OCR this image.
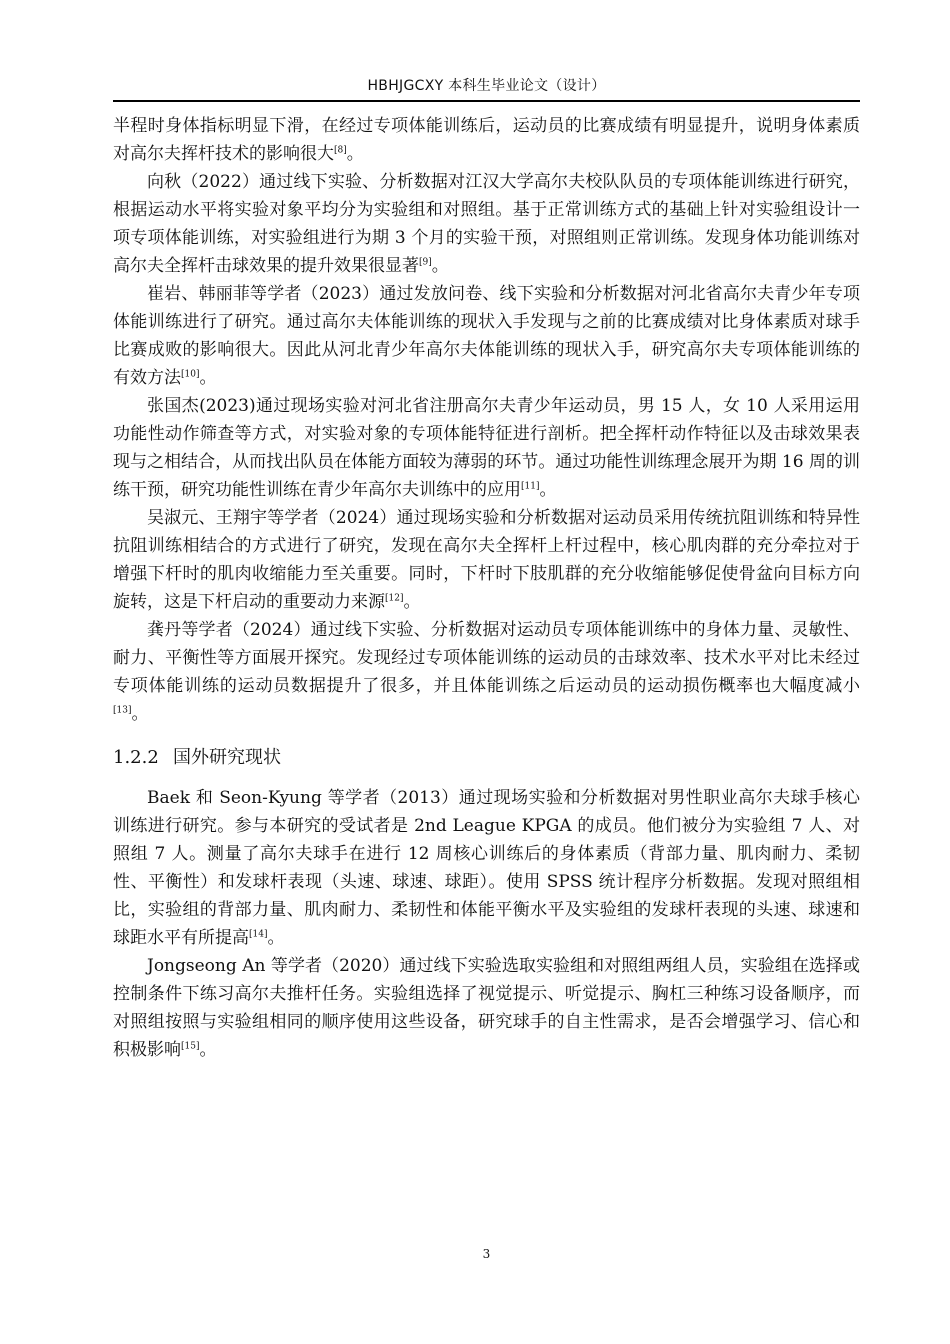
HBHJGCXY 本科生毕业论文（设计）

半程时身体指标明显下滑，在经过专项体能训练后，运动员的比赛成绩有明显提升，说明身体素质对高尔夫挥杆技术的影响很大[8]。

向秋（2022）通过线下实验、分析数据对江汉大学高尔夫校队队员的专项体能训练进行研究，根据运动水平将实验对象平均分为实验组和对照组。基于正常训练方式的基础上针对实验组设计一项专项体能训练，对实验组进行为期 3 个月的实验干预，对照组则正常训练。发现身体功能训练对高尔夫全挥杆击球效果的提升效果很显著[9]。

崔岩、韩丽菲等学者（2023）通过发放问卷、线下实验和分析数据对河北省高尔夫青少年专项体能训练进行了研究。通过高尔夫体能训练的现状入手发现与之前的比赛成绩对比身体素质对球手比赛成败的影响很大。因此从河北青少年高尔夫体能训练的现状入手，研究高尔夫专项体能训练的有效方法[10]。

张国杰(2023)通过现场实验对河北省注册高尔夫青少年运动员，男 15 人，女 10 人采用运用功能性动作筛查等方式，对实验对象的专项体能特征进行剖析。把全挥杆动作特征以及击球效果表现与之相结合，从而找出队员在体能方面较为薄弱的环节。通过功能性训练理念展开为期 16 周的训练干预，研究功能性训练在青少年高尔夫训练中的应用[11]。

吴淑元、王翔宇等学者（2024）通过现场实验和分析数据对运动员采用传统抗阻训练和特异性抗阻训练相结合的方式进行了研究，发现在高尔夫全挥杆上杆过程中，核心肌肉群的充分牵拉对于增强下杆时的肌肉收缩能力至关重要。同时，下杆时下肢肌群的充分收缩能够促使骨盆向目标方向旋转，这是下杆启动的重要动力来源[12]。

龚丹等学者（2024）通过线下实验、分析数据对运动员专项体能训练中的身体力量、灵敏性、耐力、平衡性等方面展开探究。发现经过专项体能训练的运动员的击球效率、技术水平对比未经过专项体能训练的运动员数据提升了很多，并且体能训练之后运动员的运动损伤概率也大幅度减小[13]。

1.2.2 国外研究现状

Baek 和 Seon-Kyung 等学者（2013）通过现场实验和分析数据对男性职业高尔夫球手核心训练进行研究。参与本研究的受试者是 2nd League KPGA 的成员。他们被分为实验组 7 人、对照组 7 人。测量了高尔夫球手在进行 12 周核心训练后的身体素质（背部力量、肌肉耐力、柔韧性、平衡性）和发球杆表现（头速、球速、球距）。使用 SPSS 统计程序分析数据。发现对照组相比，实验组的背部力量、肌肉耐力、柔韧性和体能平衡水平及实验组的发球杆表现的头速、球速和球距水平有所提高[14]。

Jongseong An 等学者（2020）通过线下实验选取实验组和对照组两组人员，实验组在选择或控制条件下练习高尔夫推杆任务。实验组选择了视觉提示、听觉提示、胸杠三种练习设备顺序，而对照组按照与实验组相同的顺序使用这些设备，研究球手的自主性需求，是否会增强学习、信心和积极影响[15]。

3
